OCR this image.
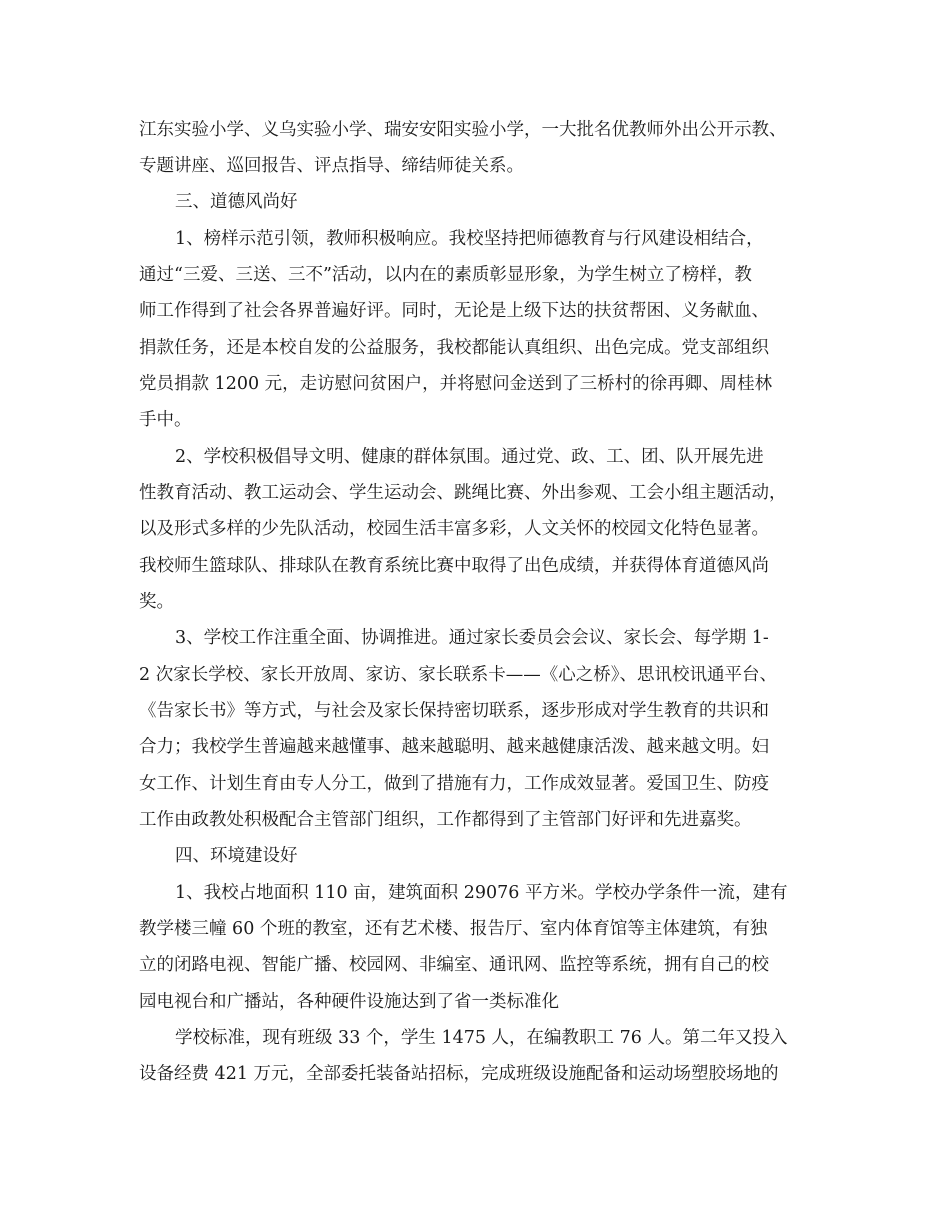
江东实验小学、义乌实验小学、瑞安安阳实验小学，一大批名优教师外出公开示教、
专题讲座、巡回报告、评点指导、缔结师徒关系。
三、道德风尚好
1、榜样示范引领，教师积极响应。我校坚持把师德教育与行风建设相结合，
通过“三爱、三送、三不”活动，以内在的素质彰显形象，为学生树立了榜样，教
师工作得到了社会各界普遍好评。同时，无论是上级下达的扶贫帮困、义务献血、
捐款任务，还是本校自发的公益服务，我校都能认真组织、出色完成。党支部组织
党员捐款 1200 元，走访慰问贫困户，并将慰问金送到了三桥村的徐再卿、周桂林
手中。
2、学校积极倡导文明、健康的群体氛围。通过党、政、工、团、队开展先进
性教育活动、教工运动会、学生运动会、跳绳比赛、外出参观、工会小组主题活动，
以及形式多样的少先队活动，校园生活丰富多彩，人文关怀的校园文化特色显著。
我校师生篮球队、排球队在教育系统比赛中取得了出色成绩，并获得体育道德风尚
奖。
3、学校工作注重全面、协调推进。通过家长委员会会议、家长会、每学期 1-
2 次家长学校、家长开放周、家访、家长联系卡——《心之桥》、思讯校讯通平台、
《告家长书》等方式，与社会及家长保持密切联系，逐步形成对学生教育的共识和
合力；我校学生普遍越来越懂事、越来越聪明、越来越健康活泼、越来越文明。妇
女工作、计划生育由专人分工，做到了措施有力，工作成效显著。爱国卫生、防疫
工作由政教处积极配合主管部门组织，工作都得到了主管部门好评和先进嘉奖。
四、环境建设好
1、我校占地面积 110 亩，建筑面积 29076 平方米。学校办学条件一流，建有
教学楼三幢 60 个班的教室，还有艺术楼、报告厅、室内体育馆等主体建筑，有独
立的闭路电视、智能广播、校园网、非编室、通讯网、监控等系统，拥有自己的校
园电视台和广播站，各种硬件设施达到了省一类标准化
学校标准，现有班级 33 个，学生 1475 人，在编教职工 76 人。第二年又投入
设备经费 421 万元，全部委托装备站招标，完成班级设施配备和运动场塑胶场地的
